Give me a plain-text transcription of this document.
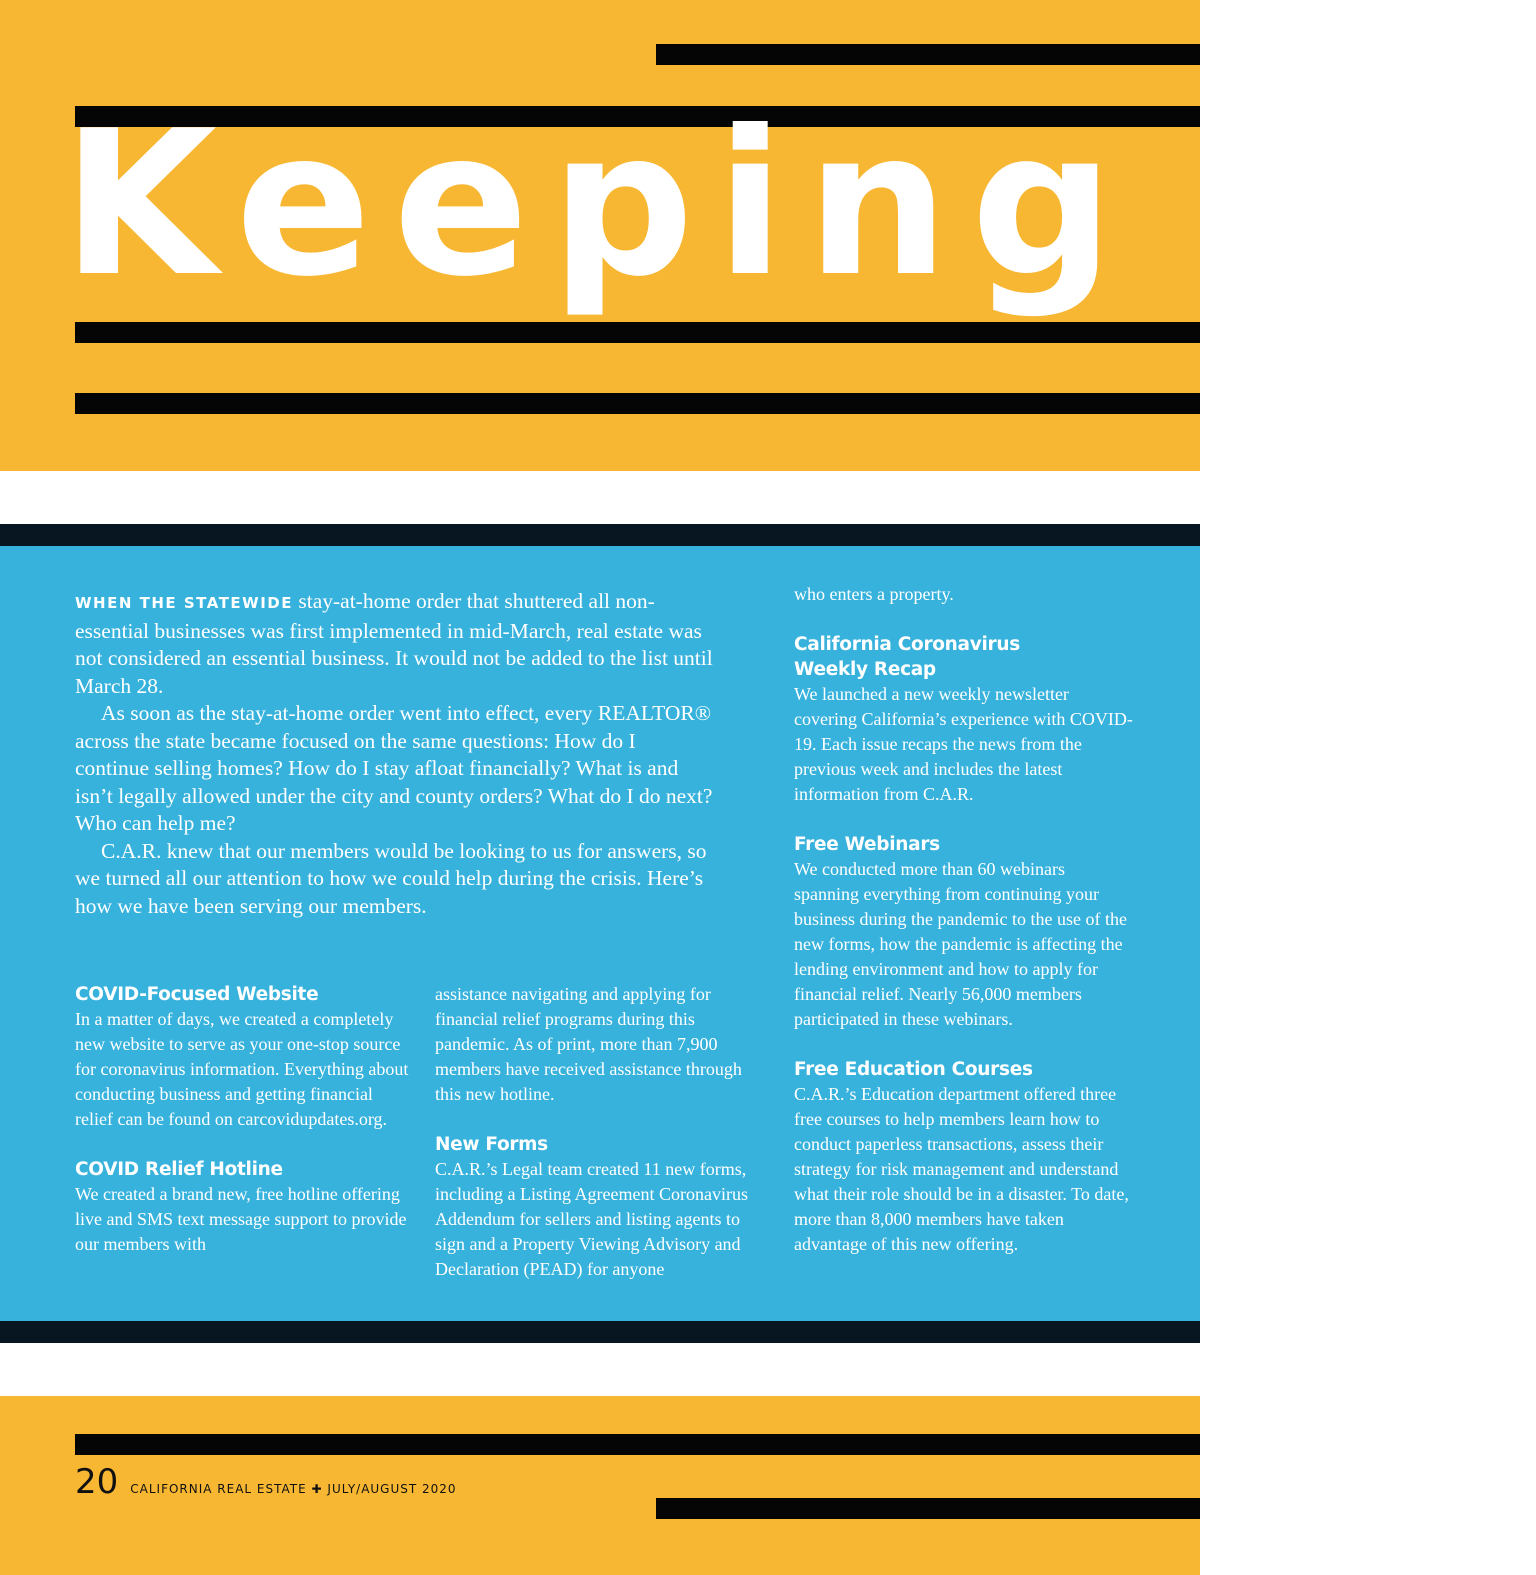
Keeping Yo

WHEN THE STATEWIDE stay-at-home order that shuttered all non-essential businesses was first implemented in mid-March, real estate was not considered an essential business. It would not be added to the list until March 28.

As soon as the stay-at-home order went into effect, every REALTOR® across the state became focused on the same questions: How do I continue selling homes? How do I stay afloat financially? What is and isn’t legally allowed under the city and county orders? What do I do next? Who can help me?

C.A.R. knew that our members would be looking to us for answers, so we turned all our attention to how we could help during the crisis. Here’s how we have been serving our members.

COVID-Focused Website

In a matter of days, we created a completely new website to serve as your one-stop source for coronavirus information. Everything about conducting business and getting financial relief can be found on carcovidupdates.org.

COVID Relief Hotline

We created a brand new, free hotline offering live and SMS text message support to provide our members with

assistance navigating and applying for financial relief programs during this pandemic. As of print, more than 7,900 members have received assistance through this new hotline.

New Forms

C.A.R.’s Legal team created 11 new forms, including a Listing Agreement Coronavirus Addendum for sellers and listing agents to sign and a Property Viewing Advisory and Declaration (PEAD) for anyone

who enters a property.

California Coronavirus
Weekly Recap

We launched a new weekly newsletter covering California’s experience with COVID-19. Each issue recaps the news from the previous week and includes the latest information from C.A.R.

Free Webinars

We conducted more than 60 webinars spanning everything from continuing your business during the pandemic to the use of the new forms, how the pandemic is affecting the lending environment and how to apply for financial relief. Nearly 56,000 members participated in these webinars.

Free Education Courses

C.A.R.’s Education department offered three free courses to help members learn how to conduct paperless transactions, assess their strategy for risk management and understand what their role should be in a disaster. To date, more than 8,000 members have taken advantage of this new offering.

20 CALIFORNIA REAL ESTATE ✚ JULY/AUGUST 2020
